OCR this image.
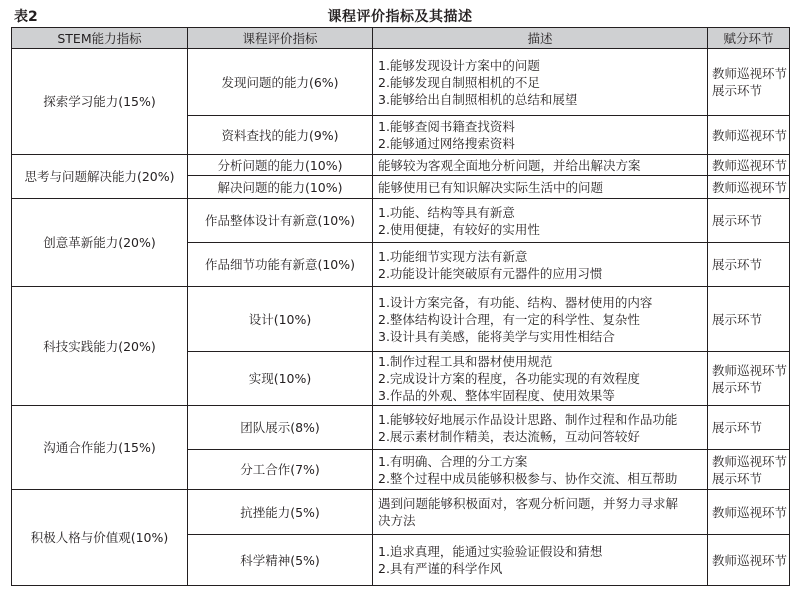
表2	课程评价指标及其描述
STEM能力指标	课程评价指标	描述	赋分环节
探索学习能力(15%)	发现问题的能力(6%)	1.能够发现设计方案中的问题
2.能够发现自制照相机的不足
3.能够给出自制照相机的总结和展望	教师巡视环节
展示环节

	资料查找的能力(9%)	1.能够查阅书籍查找资料
2.能够通过网络搜索资料	教师巡视环节

思考与问题解决能力(20%)	分析问题的能力(10%)	能够较为客观全面地分析问题，并给出解决方案	教师巡视环节

	解决问题的能力(10%)	能够使用已有知识解决实际生活中的问题	教师巡视环节

创意革新能力(20%)	作品整体设计有新意(10%)	1.功能、结构等具有新意
2.使用便捷，有较好的实用性	展示环节

	作品细节功能有新意(10%)	1.功能细节实现方法有新意
2.功能设计能突破原有元器件的应用习惯	展示环节

科技实践能力(20%)	设计(10%)	1.设计方案完备，有功能、结构、器材使用的内容
2.整体结构设计合理，有一定的科学性、复杂性
3.设计具有美感，能将美学与实用性相结合	展示环节

	实现(10%)	1.制作过程工具和器材使用规范
2.完成设计方案的程度，各功能实现的有效程度
3.作品的外观、整体牢固程度、使用效果等	教师巡视环节
展示环节

沟通合作能力(15%)	团队展示(8%)	1.能够较好地展示作品设计思路、制作过程和作品功能
2.展示素材制作精美，表达流畅，互动问答较好	展示环节

	分工合作(7%)	1.有明确、合理的分工方案
2.整个过程中成员能够积极参与、协作交流、相互帮助	教师巡视环节
展示环节

积极人格与价值观(10%)	抗挫能力(5%)	遇到问题能够积极面对，客观分析问题，并努力寻求解
决方法	教师巡视环节

	科学精神(5%)	1.追求真理，能通过实验验证假设和猜想
2.具有严谨的科学作风	教师巡视环节
